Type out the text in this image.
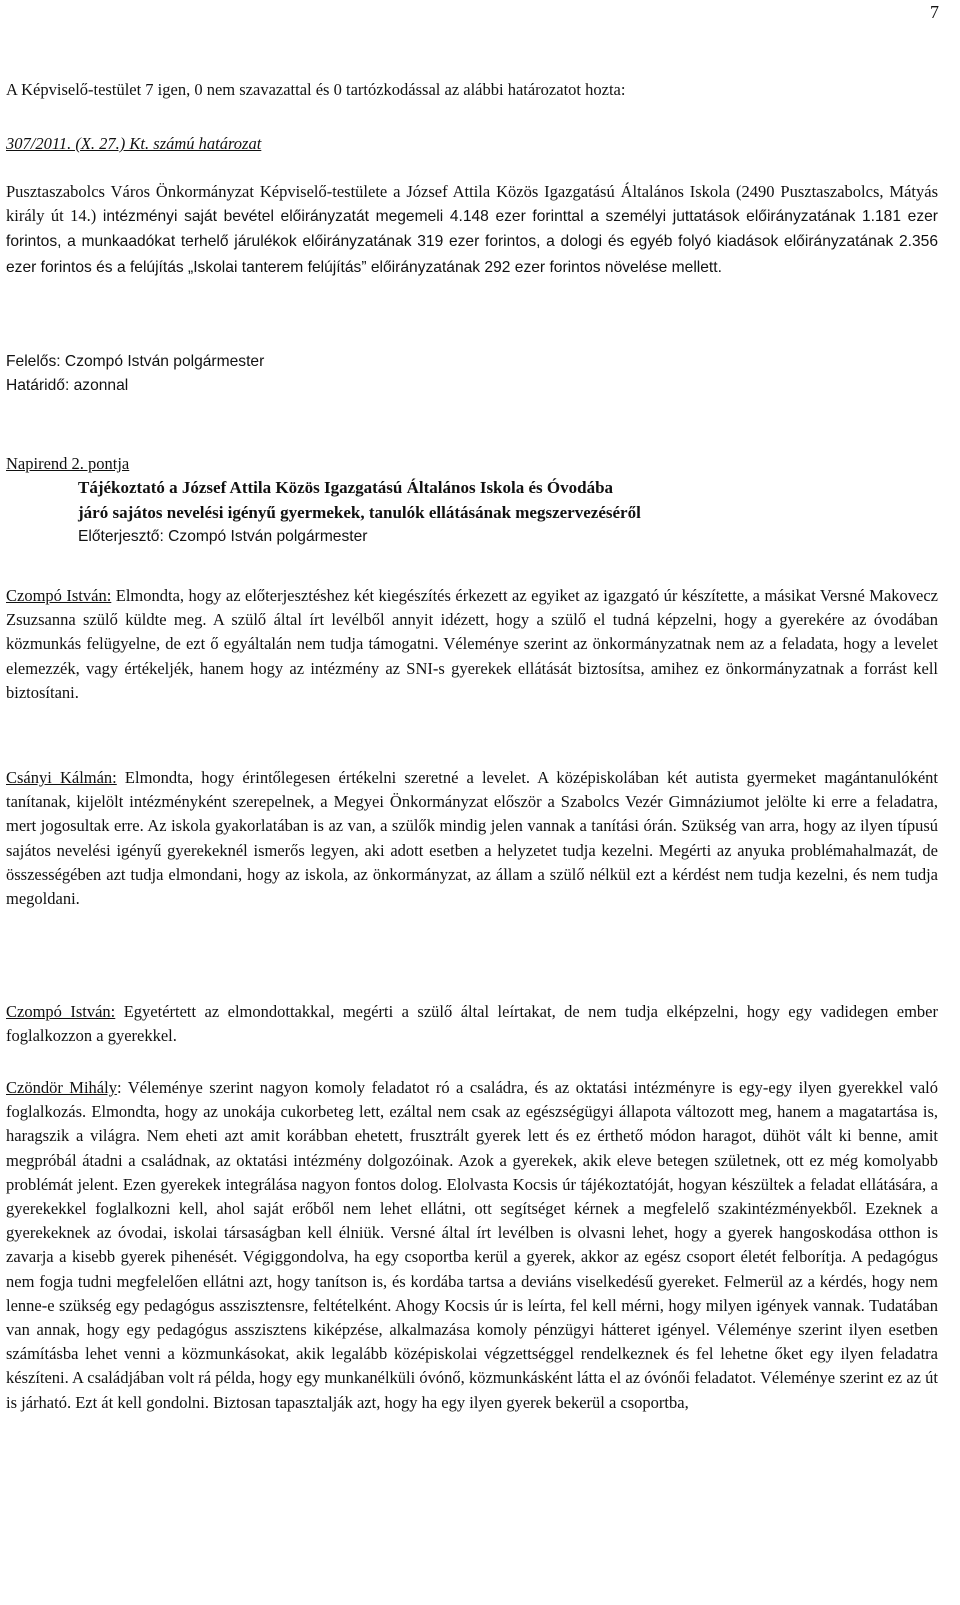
7

A Képviselő-testület 7 igen, 0 nem szavazattal és 0 tartózkodással az alábbi határozatot hozta:

307/2011. (X. 27.) Kt. számú határozat

Pusztaszabolcs Város Önkormányzat Képviselő-testülete a József Attila Közös Igazgatású Általános Iskola (2490 Pusztaszabolcs, Mátyás király út 14.) intézményi saját bevétel előirányzatát megemeli 4.148 ezer forinttal a személyi juttatások előirányzatának 1.181 ezer forintos, a munkaadókat terhelő járulékok előirányzatának 319 ezer forintos, a dologi és egyéb folyó kiadások előirányzatának 2.356 ezer forintos és a felújítás „Iskolai tanterem felújítás” előirányzatának 292 ezer forintos növelése mellett.

Felelős: Czompó István polgármester

Határidő: azonnal

Napirend 2. pontja

Tájékoztató a József Attila Közös Igazgatású Általános Iskola és Óvodába

járó sajátos nevelési igényű gyermekek, tanulók ellátásának megszervezéséről

Előterjesztő: Czompó István polgármester

Czompó István: Elmondta, hogy az előterjesztéshez két kiegészítés érkezett az egyiket az igazgató úr készítette, a másikat Versné Makovecz Zsuzsanna szülő küldte meg. A szülő által írt levélből annyit idézett, hogy a szülő el tudná képzelni, hogy a gyerekére az óvodában közmunkás felügyelne, de ezt ő egyáltalán nem tudja támogatni. Véleménye szerint az önkormányzatnak nem az a feladata, hogy a levelet elemezzék, vagy értékeljék, hanem hogy az intézmény az SNI-s gyerekek ellátását biztosítsa, amihez ez önkormányzatnak a forrást kell biztosítani.

Csányi Kálmán: Elmondta, hogy érintőlegesen értékelni szeretné a levelet. A középiskolában két autista gyermeket magántanulóként tanítanak, kijelölt intézményként szerepelnek, a Megyei Önkormányzat először a Szabolcs Vezér Gimnáziumot jelölte ki erre a feladatra, mert jogosultak erre. Az iskola gyakorlatában is az van, a szülők mindig jelen vannak a tanítási órán. Szükség van arra, hogy az ilyen típusú sajátos nevelési igényű gyerekeknél ismerős legyen, aki adott esetben a helyzetet tudja kezelni. Megérti az anyuka problémahalmazát, de összességében azt tudja elmondani, hogy az iskola, az önkormányzat, az állam a szülő nélkül ezt a kérdést nem tudja kezelni, és nem tudja megoldani.

Czompó István: Egyetértett az elmondottakkal, megérti a szülő által leírtakat, de nem tudja elképzelni, hogy egy vadidegen ember foglalkozzon a gyerekkel.

Czöndör Mihály: Véleménye szerint nagyon komoly feladatot ró a családra, és az oktatási intézményre is egy-egy ilyen gyerekkel való foglalkozás. Elmondta, hogy az unokája cukorbeteg lett, ezáltal nem csak az egészségügyi állapota változott meg, hanem a magatartása is, haragszik a világra. Nem eheti azt amit korábban ehetett, frusztrált gyerek lett és ez érthető módon haragot, dühöt vált ki benne, amit megpróbál átadni a családnak, az oktatási intézmény dolgozóinak. Azok a gyerekek, akik eleve betegen születnek, ott ez még komolyabb problémát jelent. Ezen gyerekek integrálása nagyon fontos dolog. Elolvasta Kocsis úr tájékoztatóját, hogyan készültek a feladat ellátására, a gyerekekkel foglalkozni kell, ahol saját erőből nem lehet ellátni, ott segítséget kérnek a megfelelő szakintézményekből. Ezeknek a gyerekeknek az óvodai, iskolai társaságban kell élniük. Versné által írt levélben is olvasni lehet, hogy a gyerek hangoskodása otthon is zavarja a kisebb gyerek pihenését. Végiggondolva, ha egy csoportba kerül a gyerek, akkor az egész csoport életét felborítja. A pedagógus nem fogja tudni megfelelően ellátni azt, hogy tanítson is, és kordába tartsa a deviáns viselkedésű gyereket. Felmerül az a kérdés, hogy nem lenne-e szükség egy pedagógus asszisztensre, feltételként. Ahogy Kocsis úr is leírta, fel kell mérni, hogy milyen igények vannak. Tudatában van annak, hogy egy pedagógus asszisztens kiképzése, alkalmazása komoly pénzügyi hátteret igényel. Véleménye szerint ilyen esetben számításba lehet venni a közmunkásokat, akik legalább középiskolai végzettséggel rendelkeznek és fel lehetne őket egy ilyen feladatra készíteni. A családjában volt rá példa, hogy egy munkanélküli óvónő, közmunkásként látta el az óvónői feladatot. Véleménye szerint ez az út is járható. Ezt át kell gondolni. Biztosan tapasztalják azt, hogy ha egy ilyen gyerek bekerül a csoportba,
